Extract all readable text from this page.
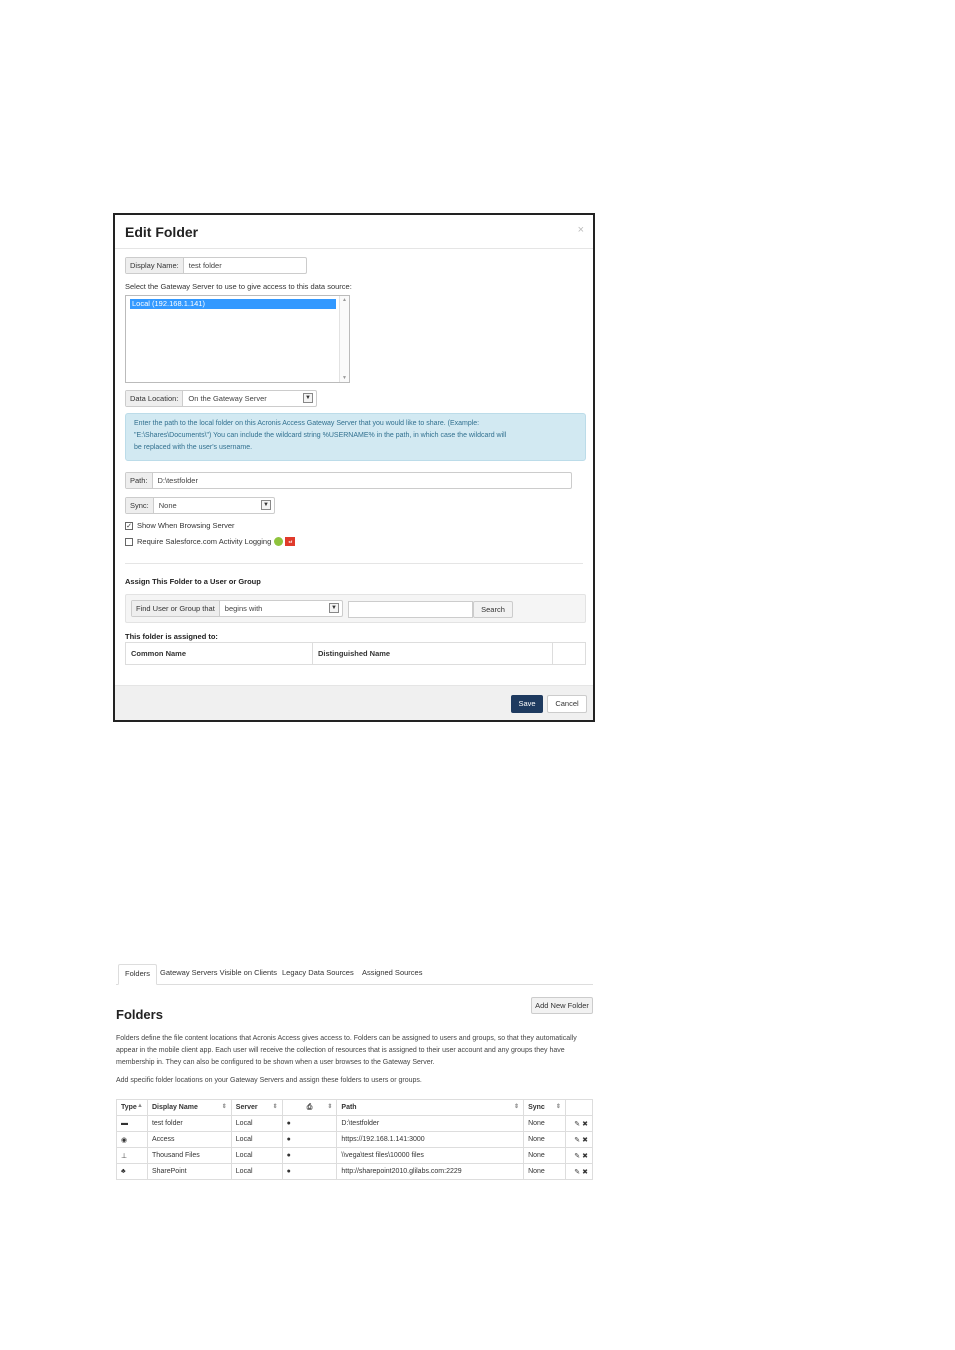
Edit Folder	×
Display Name:	test folder
Select the Gateway Server to use to give access to this data source:
Local (192.168.1.141)	▲
▼
Data Location:	On the Gateway Server	▼
Enter the path to the local folder on this Acronis Access Gateway Server that you would like to share. (Example:
"E:\Shares\Documents\") You can include the wildcard string %USERNAME% in the path, in which case the wildcard will
be replaced with the user's username.
Path:	D:\testfolder
Sync:	None	▼
✓ Show When Browsing Server
Require Salesforce.com Activity Logging	sf
Assign This Folder to a User or Group
Find User or Group that	begins with	▼	Search
This folder is assigned to:
Common Name	Distinguished Name
Save	Cancel
Folders	Gateway Servers Visible on Clients Legacy Data Sources	Assigned Sources
Add New Folder
Folders
Folders define the file content locations that Acronis Access gives access to. Folders can be assigned to users and groups, so that they automatically
appear in the mobile client app. Each user will receive the collection of resources that is assigned to their user account and any groups they have
membership in. They can also be configured to be shown when a user browses to the Gateway Server.
Add specific folder locations on your Gateway Servers and assign these folders to users or groups.
Type ▲	Display Name ⇕	Server ⇕	⎙ ⇕	Path ⇕	Sync ⇕	

▬	test folder	Local	●	D:\testfolder	None	✎ ✖
◉	Access	Local	●	https://192.168.1.141:3000	None	✎ ✖
⊥	Thousand Files	Local	●	\\vega\test files\10000 files	None	✎ ✖
♣	SharePoint	Local	●	http://sharepoint2010.glilabs.com:2229	None	✎ ✖
